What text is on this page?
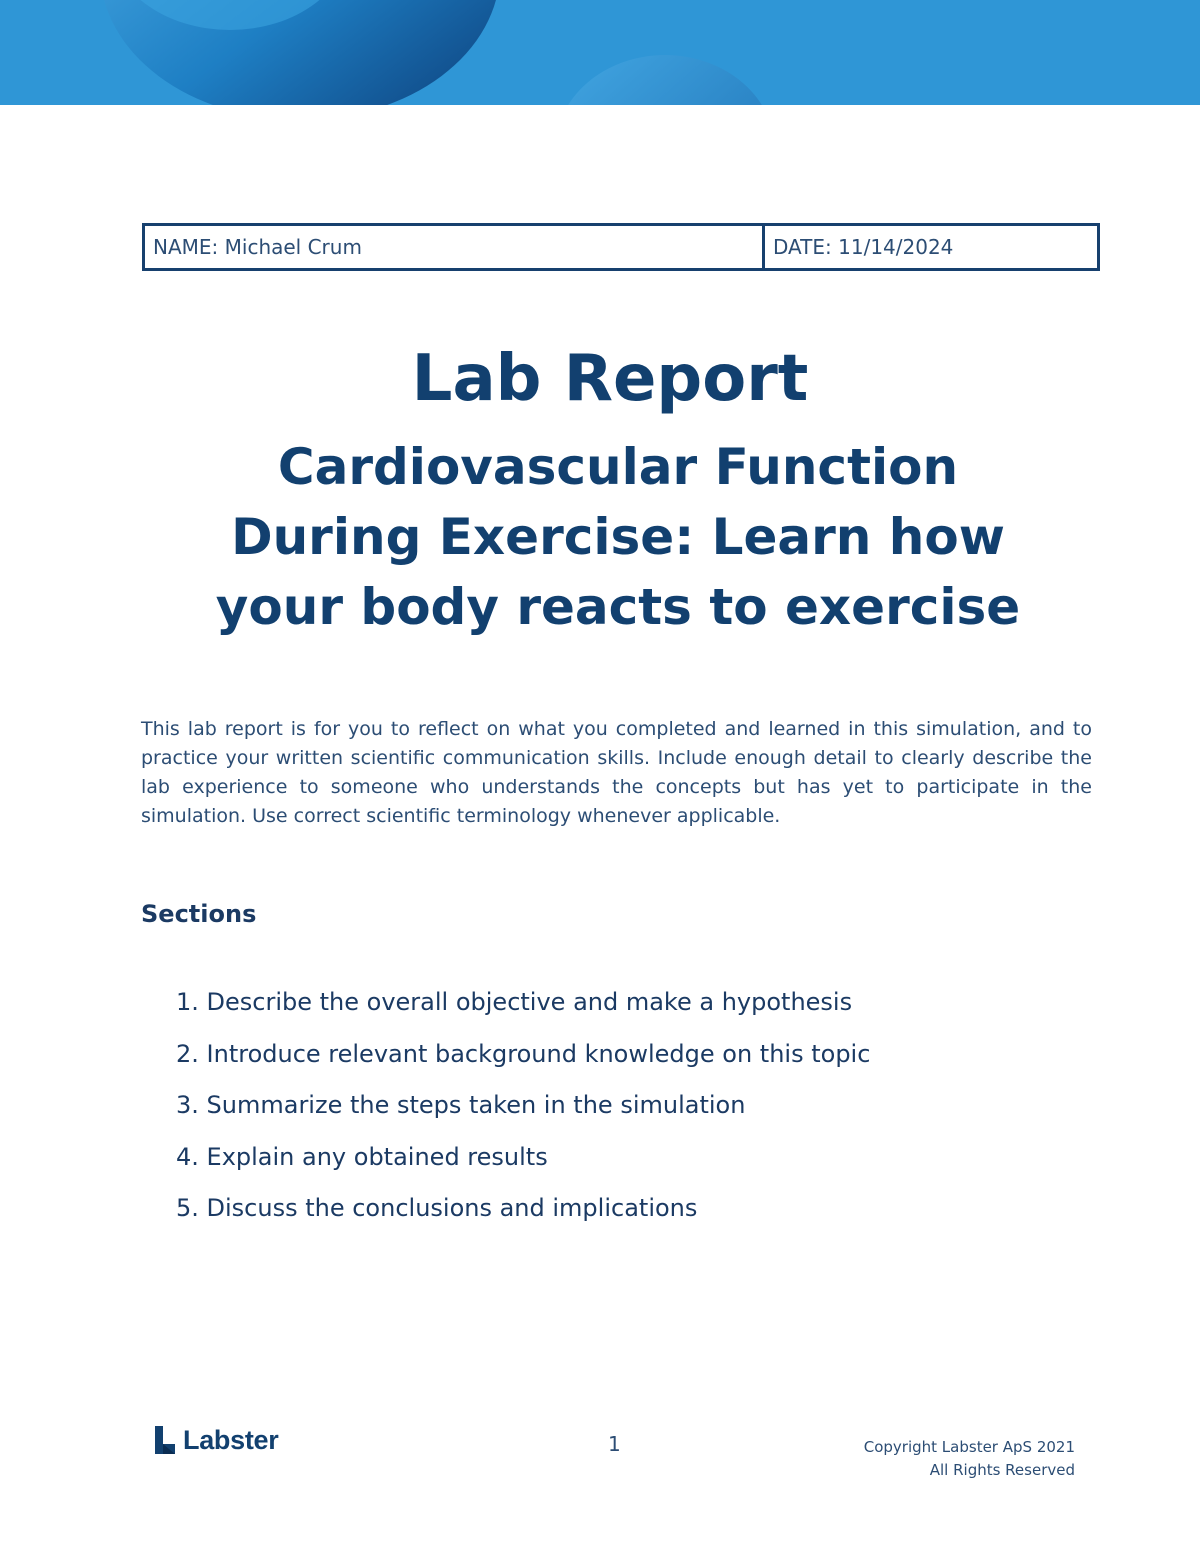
NAME: Michael Crum	DATE: 11/14/2024
Lab Report
Cardiovascular Function During Exercise: Learn how your body reacts to exercise

This lab report is for you to reflect on what you completed and learned in this simulation, and to practice your written scientific communication skills. Include enough detail to clearly describe the lab experience to someone who understands the concepts but has yet to participate in the simulation. Use correct scientific terminology whenever applicable.

Sections
1. Describe the overall objective and make a hypothesis
2. Introduce relevant background knowledge on this topic
3. Summarize the steps taken in the simulation
4. Explain any obtained results
5. Discuss the conclusions and implications
Labster	1	Copyright Labster ApS 2021
All Rights Reserved
